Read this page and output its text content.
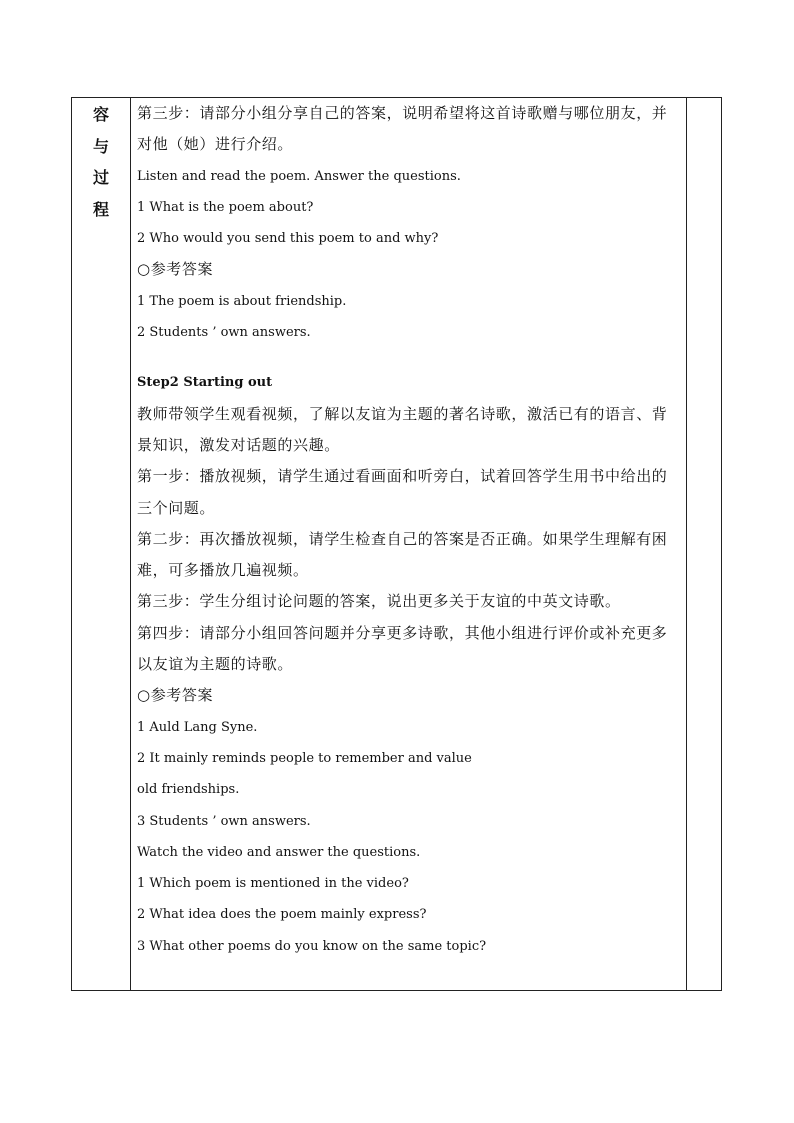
容
与
过
程
第三步：请部分小组分享自己的答案，说明希望将这首诗歌赠与哪位朋友，并
对他（她）进行介绍。
Listen and read the poem. Answer the questions.
1 What is the poem about?
2 Who would you send this poem to and why?
○参考答案
1 The poem is about friendship.
2 Students ’ own answers.
Step2 Starting out
教师带领学生观看视频，了解以友谊为主题的著名诗歌，激活已有的语言、背
景知识，激发对话题的兴趣。
第一步：播放视频，请学生通过看画面和听旁白，试着回答学生用书中给出的
三个问题。
第二步：再次播放视频，请学生检查自己的答案是否正确。如果学生理解有困
难，可多播放几遍视频。
第三步：学生分组讨论问题的答案，说出更多关于友谊的中英文诗歌。
第四步：请部分小组回答问题并分享更多诗歌，其他小组进行评价或补充更多
以友谊为主题的诗歌。
○参考答案
1 Auld Lang Syne.
2 It mainly reminds people to remember and value
old friendships.
3 Students ’ own answers.
Watch the video and answer the questions.
1 Which poem is mentioned in the video?
2 What idea does the poem mainly express?
3 What other poems do you know on the same topic?
